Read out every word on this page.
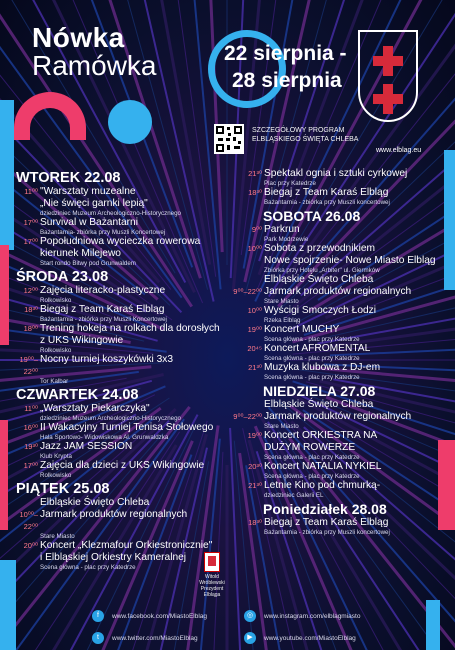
Nówka
Ramówka	22 sierpnia -
28 sierpnia
SZCZEGÓŁOWY PROGRAM
ELBLĄSKIEGO ŚWIĘTA CHLEBA
www.elblag.eu
WTOREK 22.08
11⁰⁰ "Warsztaty muzealne
„Nie święci garnki lepią"
dziedziniec Muzeum Archeologiczno-Historycznego
17⁰⁰ Survival w Bażantarni
Bażantarnia- zbiórka przy Muszli Koncertowej
17⁰⁰ Popołudniowa wycieczka rowerowa
kierunek Milejewo
Start rondo Bitwy pod Grunwaldem
ŚRODA 23.08
12⁰⁰ Zajęcia literacko-plastyczne
Rolkowisko
18³⁰ Biegaj z Team Karaś Elbląg
Bażantarnia - zbiórka przy Muszli Koncertowej
18⁰⁰ Trening hokeja na rolkach dla dorosłych
z UKS Wikingowie
Rolkowisko
19⁰⁰–22⁰⁰
Nocny turniej koszykówki 3x3
Tor Kalbar
CZWARTEK 24.08
11⁰⁰ „Warsztaty Piekarczyka"
dziedziniec Muzeum Archeologiczno-Historycznego
16⁰⁰ II Wakacyjny Turniej Tenisa Stołowego
Hala Sportowo- Widowiskowa Al. Grunwaldzka
19³⁰ Jazz JAM SESSION
Klub Krypta
17⁰⁰ Zajęcia dla dzieci z UKS Wikingowie
Rolkowisko
PIĄTEK 25.08
Elbląskie Święto Chleba
10⁰⁰–22⁰⁰
Jarmark produktów regionalnych
Stare Miasto
20⁰⁰ Koncert „Klezmafour Orkiestronicznie"
i Elbląskiej Orkiestry Kameralnej
Scena główna - plac przy Katedrze
21³⁰ Spektakl ognia i sztuki cyrkowej
Plac przy Katedrze
18³⁰ Biegaj z Team Karaś Elbląg
Bażantarnia - zbiórka przy Muszli koncertowej
SOBOTA 26.08
9⁰⁰ Parkrun
Park Modrzewie
10⁰⁰ Sobota z przewodnikiem
Nowe spojrzenie- Nowe Miasto Elbląg
Zbiórka przy Hotelu „Arbiter" ul. Giermków
Elbląskie Święto Chleba
9⁰⁰–22⁰⁰ Jarmark produktów regionalnych
Stare Miasto
10⁰⁰ Wyścigi Smoczych Łodzi
Rzeka Elbląg
19⁰⁰ Koncert MUCHY
Scena główna - plac przy Katedrze
20⁴⁵ Koncert AFROMENTAL
Scena główna - plac przy Katedrze
21³⁰ Muzyka klubowa z DJ-em
Scena główna - plac przy Katedrze
NIEDZIELA 27.08
Elbląskie Święto Chleba
9⁰⁰–22⁰⁰ Jarmark produktów regionalnych
Stare Miasto
19⁰⁰ Koncert ORKIESTRA NA
DUŻYM ROWERZE
Scena główna - plac przy Katedrze
20³⁰ Koncert NATALIA NYKIEL
Scena główna - plac przy Katedrze
21³⁰ Letnie Kino pod chmurką-
dziedziniec Galerii EL
Poniedziałek 28.08
18³⁰ Biegaj z Team Karaś Elbląg
Bażantarnia - zbiórka przy Muszli koncertowej
Witold Wróblewski
Prezydent Elbląga
f	www.facebook.com/MiastoElblag	◎	www.instagram.com/elblagmiasto
t	www.twitter.com/MiastoElblag	▶	www.youtube.com/MiastoElblag
